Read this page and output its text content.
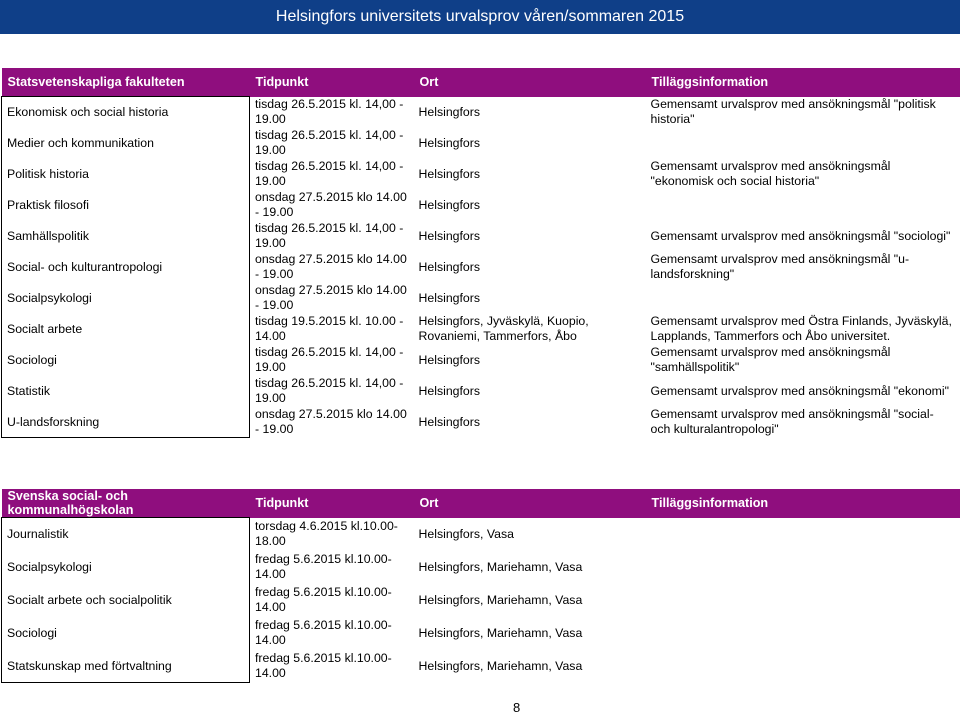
Helsingfors universitets urvalsprov våren/sommaren 2015
Statsvetenskapliga fakulteten	Tidpunkt	Ort	Tilläggsinformation
Ekonomisk och social historia	tisdag 26.5.2015 kl. 14,00 - 19.00	Helsingfors	Gemensamt urvalsprov med ansökningsmål "politisk historia"
Medier och kommunikation	tisdag 26.5.2015 kl. 14,00 - 19.00	Helsingfors	
Politisk historia	tisdag 26.5.2015 kl. 14,00 - 19.00	Helsingfors	Gemensamt urvalsprov med ansökningsmål "ekonomisk och social historia"
Praktisk filosofi	onsdag 27.5.2015 klo 14.00 - 19.00	Helsingfors	
Samhällspolitik	tisdag 26.5.2015 kl. 14,00 - 19.00	Helsingfors	Gemensamt urvalsprov med ansökningsmål "sociologi"
Social- och kulturantropologi	onsdag 27.5.2015 klo 14.00 - 19.00	Helsingfors	Gemensamt urvalsprov med ansökningsmål "u-landsforskning"
Socialpsykologi	onsdag 27.5.2015 klo 14.00 - 19.00	Helsingfors	
Socialt arbete	tisdag 19.5.2015 kl. 10.00 - 14.00	Helsingfors, Jyväskylä, Kuopio, Rovaniemi, Tammerfors, Åbo	Gemensamt urvalsprov med Östra Finlands, Jyväskylä, Lapplands, Tammerfors och Åbo universitet.
Sociologi	tisdag 26.5.2015 kl. 14,00 - 19.00	Helsingfors	Gemensamt urvalsprov med ansökningsmål "samhällspolitik"
Statistik	tisdag 26.5.2015 kl. 14,00 - 19.00	Helsingfors	Gemensamt urvalsprov med ansökningsmål "ekonomi"
U-landsforskning	onsdag 27.5.2015 klo 14.00 - 19.00	Helsingfors	Gemensamt urvalsprov med ansökningsmål "social- och kulturalantropologi"
Svenska social- och kommunalhögskolan	Tidpunkt	Ort	Tilläggsinformation
Journalistik	torsdag 4.6.2015 kl.10.00- 18.00	Helsingfors, Vasa	
Socialpsykologi	fredag 5.6.2015 kl.10.00- 14.00	Helsingfors, Mariehamn, Vasa	
Socialt arbete och socialpolitik	fredag 5.6.2015 kl.10.00- 14.00	Helsingfors, Mariehamn, Vasa	
Sociologi	fredag 5.6.2015 kl.10.00- 14.00	Helsingfors, Mariehamn, Vasa	
Statskunskap med förtvaltning	fredag 5.6.2015 kl.10.00- 14.00	Helsingfors, Mariehamn, Vasa	
8
